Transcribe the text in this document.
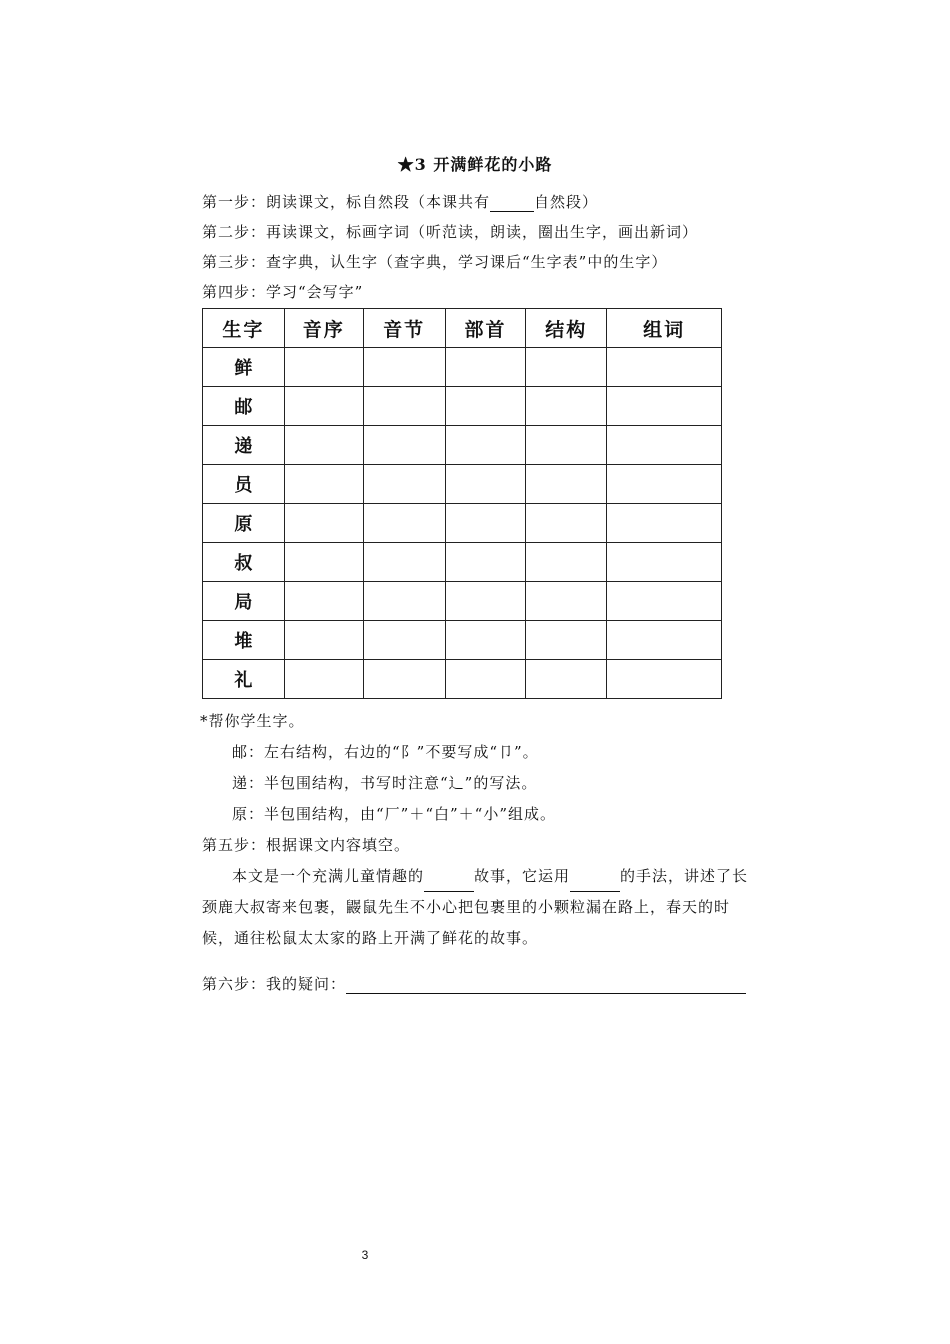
★3 开满鲜花的小路
第一步：朗读课文，标自然段（本课共有	自然段）
第二步：再读课文，标画字词（听范读，朗读，圈出生字，画出新词）
第三步：查字典，认生字（查字典，学习课后“生字表”中的生字）
第四步：学习“会写字”
生字	音序	音节	部首	结构	组词
鲜					
邮					
递					
员					
原					
叔					
局					
堆					
礼					
*帮你学生字。
邮：左右结构，右边的“阝”不要写成“卩”。
递：半包围结构，书写时注意“辶”的写法。
原：半包围结构，由“厂”＋“白”＋“小”组成。
第五步：根据课文内容填空。

本文是一个充满儿童情趣的	故事，它运用	的手法，讲述了长颈鹿大叔寄来包裹，鼹鼠先生不小心把包裹里的小颗粒漏在路上，春天的时候，通往松鼠太太家的路上开满了鲜花的故事。

第六步：我的疑问：
3
